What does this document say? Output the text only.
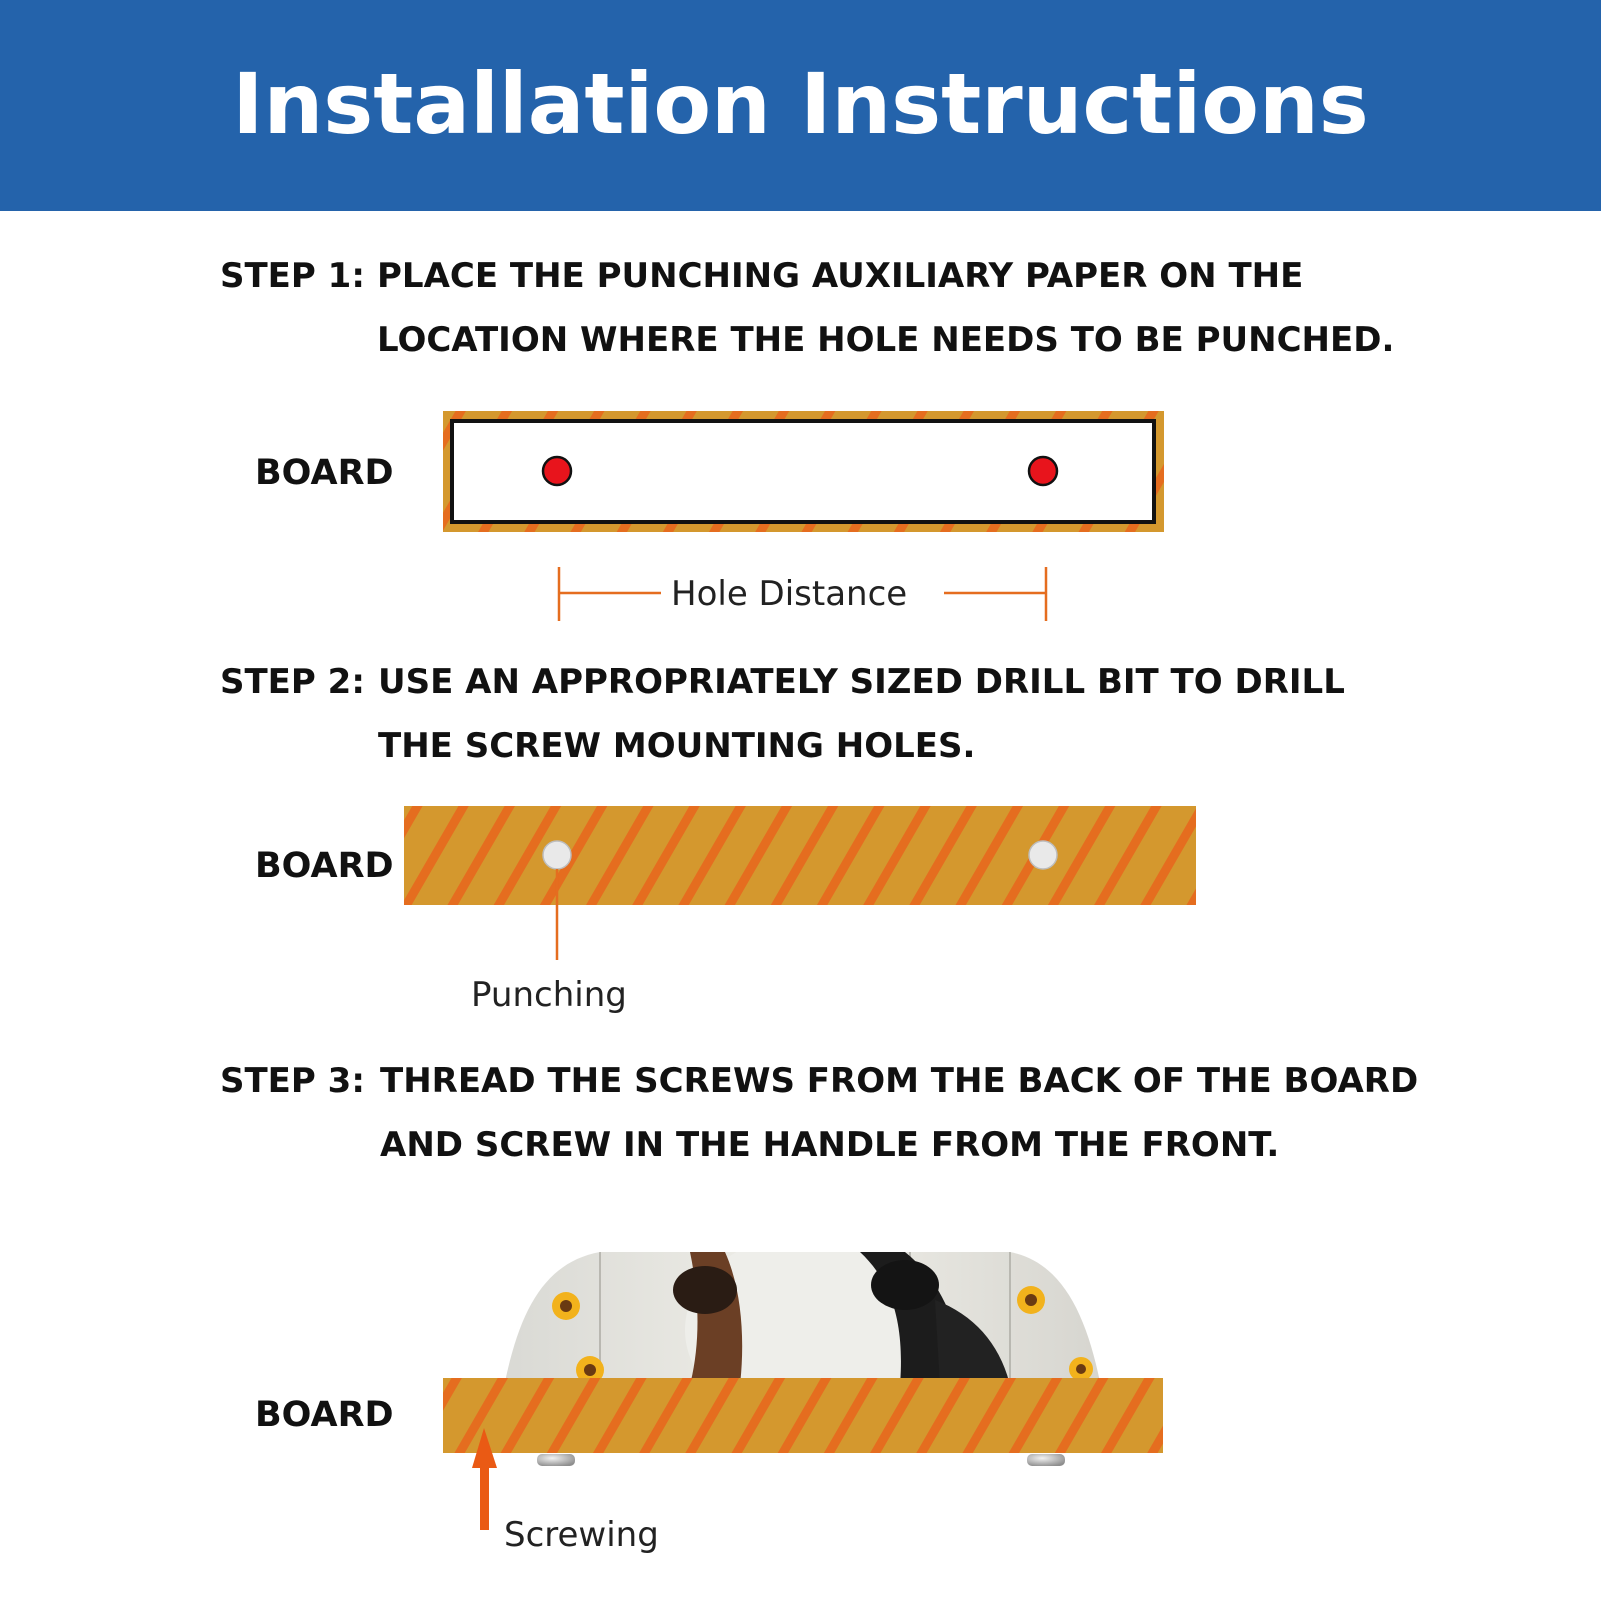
Installation Instructions
STEP 1: PLACE THE PUNCHING AUXILIARY PAPER ON THE
LOCATION WHERE THE HOLE NEEDS TO BE PUNCHED.
STEP 2: USE AN APPROPRIATELY SIZED DRILL BIT TO DRILL
THE SCREW MOUNTING HOLES.
STEP 3: THREAD THE SCREWS FROM THE BACK OF THE BOARD
AND SCREW IN THE HANDLE FROM THE FRONT.
BOARD
BOARD
BOARD
Hole Distance
Punching
Screwing
